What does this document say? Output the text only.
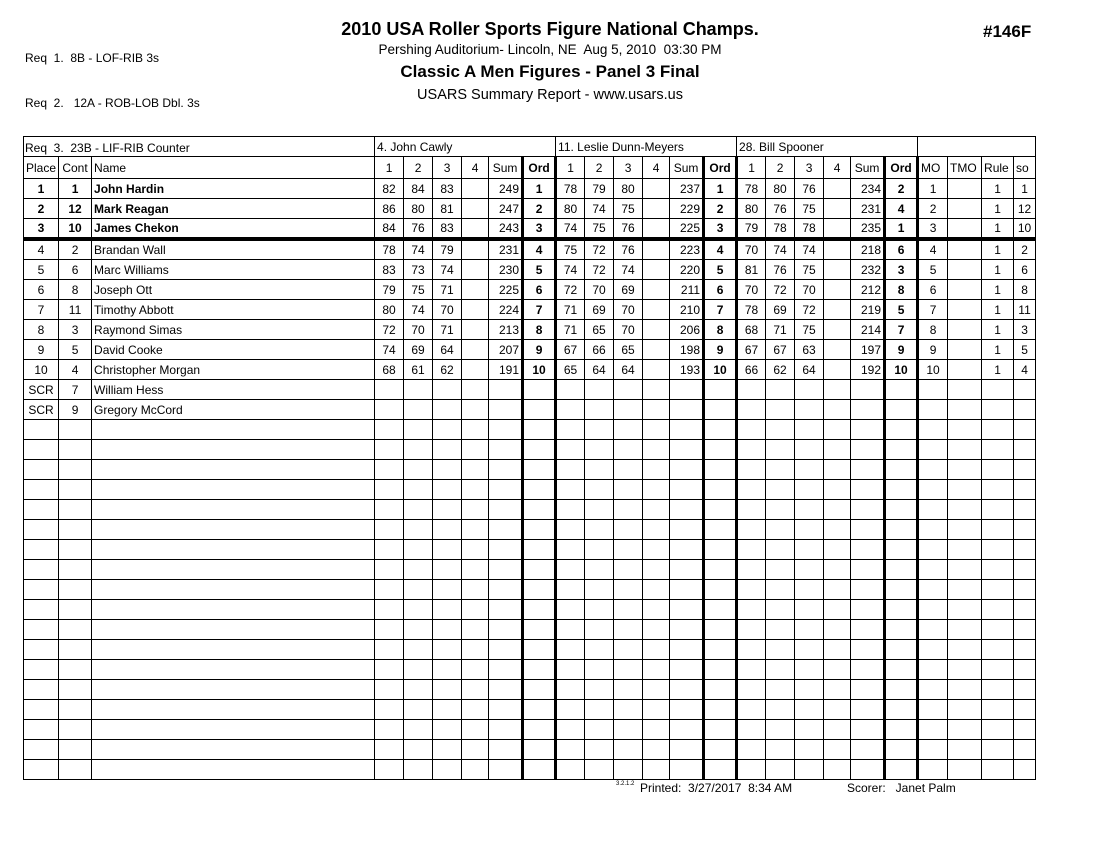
Req  1.  8B - LOF-RIB 3s

Req  2.   12A - ROB-LOB Dbl. 3s

Req  3.  23B - LIF-RIB Counter

2010 USA Roller Sports Figure National Champs.
Pershing Auditorium- Lincoln, NE  Aug 5, 2010  03:30 PM
Classic A Men Figures - Panel 3 Final
USARS Summary Report - www.usars.us
#146F
			4. John Cawly						11. Leslie Dunn-Meyers						28. Bill Spooner									
Place	Cont	Name	1	2	3	4	Sum	Ord	1	2	3	4	Sum	Ord	1	2	3	4	Sum	Ord	MO	TMO	Rule	so
1	1	John Hardin	82	84	83		249	1	78	79	80		237	1	78	80	76		234	2	1		1	1
2	12	Mark Reagan	86	80	81		247	2	80	74	75		229	2	80	76	75		231	4	2		1	12
3	10	James Chekon	84	76	83		243	3	74	75	76		225	3	79	78	78		235	1	3		1	10
4	2	Brandan Wall	78	74	79		231	4	75	72	76		223	4	70	74	74		218	6	4		1	2
5	6	Marc Williams	83	73	74		230	5	74	72	74		220	5	81	76	75		232	3	5		1	6
6	8	Joseph Ott	79	75	71		225	6	72	70	69		211	6	70	72	70		212	8	6		1	8
7	11	Timothy Abbott	80	74	70		224	7	71	69	70		210	7	78	69	72		219	5	7		1	11
8	3	Raymond Simas	72	70	71		213	8	71	65	70		206	8	68	71	75		214	7	8		1	3
9	5	David Cooke	74	69	64		207	9	67	66	65		198	9	67	67	63		197	9	9		1	5
10	4	Christopher Morgan	68	61	62		191	10	65	64	64		193	10	66	62	64		192	10	10		1	4
SCR	7	William Hess																						
SCR	9	Gregory McCord																						

3.2.1.2 Printed:  3/27/2017  8:34 AM	Scorer:   Janet Palm
